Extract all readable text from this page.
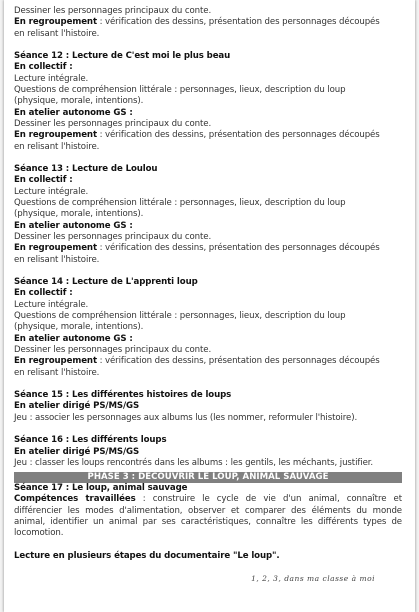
Dessiner les personnages principaux du conte.

En regroupement : vérification des dessins, présentation des personnages découpés

en relisant l'histoire.

Séance 12 : Lecture de C'est moi le plus beau

En collectif :

Lecture intégrale.

Questions de compréhension littérale : personnages, lieux, description du loup

(physique, morale, intentions).

En atelier autonome GS :

Dessiner les personnages principaux du conte.

En regroupement : vérification des dessins, présentation des personnages découpés

en relisant l'histoire.

Séance 13 : Lecture de Loulou

En collectif :

Lecture intégrale.

Questions de compréhension littérale : personnages, lieux, description du loup

(physique, morale, intentions).

En atelier autonome GS :

Dessiner les personnages principaux du conte.

En regroupement : vérification des dessins, présentation des personnages découpés

en relisant l'histoire.

Séance 14 : Lecture de L'apprenti loup

En collectif :

Lecture intégrale.

Questions de compréhension littérale : personnages, lieux, description du loup

(physique, morale, intentions).

En atelier autonome GS :

Dessiner les personnages principaux du conte.

En regroupement : vérification des dessins, présentation des personnages découpés

en relisant l'histoire.

Séance 15 : Les différentes histoires de loups

En atelier dirigé PS/MS/GS

Jeu : associer les personnages aux albums lus (les nommer, reformuler l'histoire).

Séance 16 : Les différents loups

En atelier dirigé PS/MS/GS

Jeu : classer les loups rencontrés dans les albums : les gentils, les méchants, justifier.

PHASE 3 : DÉCOUVRIR LE LOUP, ANIMAL SAUVAGE

Séance 17 : Le loup, animal sauvage

Compétences travaillées : construire le cycle de vie d'un animal, connaître et différencier les modes d'alimentation, observer et comparer des éléments du monde animal, identifier un animal par ses caractéristiques, connaître les différents types de locomotion.

Lecture en plusieurs étapes du documentaire "Le loup".

1, 2, 3, dans ma classe à moi
